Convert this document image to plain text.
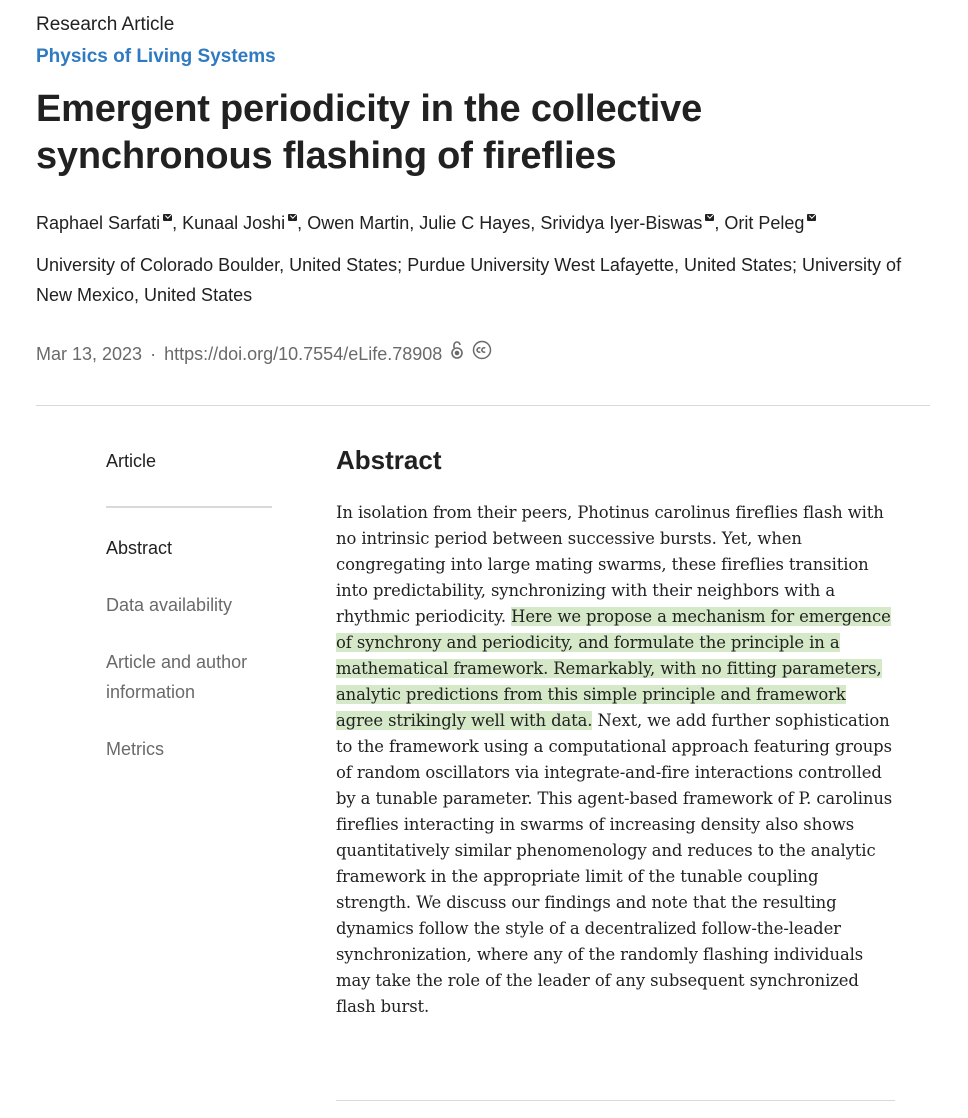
Research Article
Physics of Living Systems
Emergent periodicity in the collective synchronous flashing of fireflies
Raphael Sarfati , Kunaal Joshi , Owen Martin, Julie C Hayes, Srividya Iyer-Biswas , Orit Peleg
University of Colorado Boulder, United States; Purdue University West Lafayette, United States; University of New Mexico, United States
Mar 13, 2023 · https://doi.org/10.7554/eLife.78908
Article
Abstract
Data availability
Article and author information
Metrics
Abstract

In isolation from their peers, Photinus carolinus fireflies flash with no intrinsic period between successive bursts. Yet, when congregating into large mating swarms, these fireflies transition into predictability, synchronizing with their neighbors with a rhythmic periodicity. Here we propose a mechanism for emergence of synchrony and periodicity, and formulate the principle in a mathematical framework. Remarkably, with no fitting parameters, analytic predictions from this simple principle and framework agree strikingly well with data. Next, we add further sophistication to the framework using a computational approach featuring groups of random oscillators via integrate-and-fire interactions controlled by a tunable parameter. This agent-based framework of P. carolinus fireflies interacting in swarms of increasing density also shows quantitatively similar phenomenology and reduces to the analytic framework in the appropriate limit of the tunable coupling strength. We discuss our findings and note that the resulting dynamics follow the style of a decentralized follow-the-leader synchronization, where any of the randomly flashing individuals may take the role of the leader of any subsequent synchronized flash burst.
